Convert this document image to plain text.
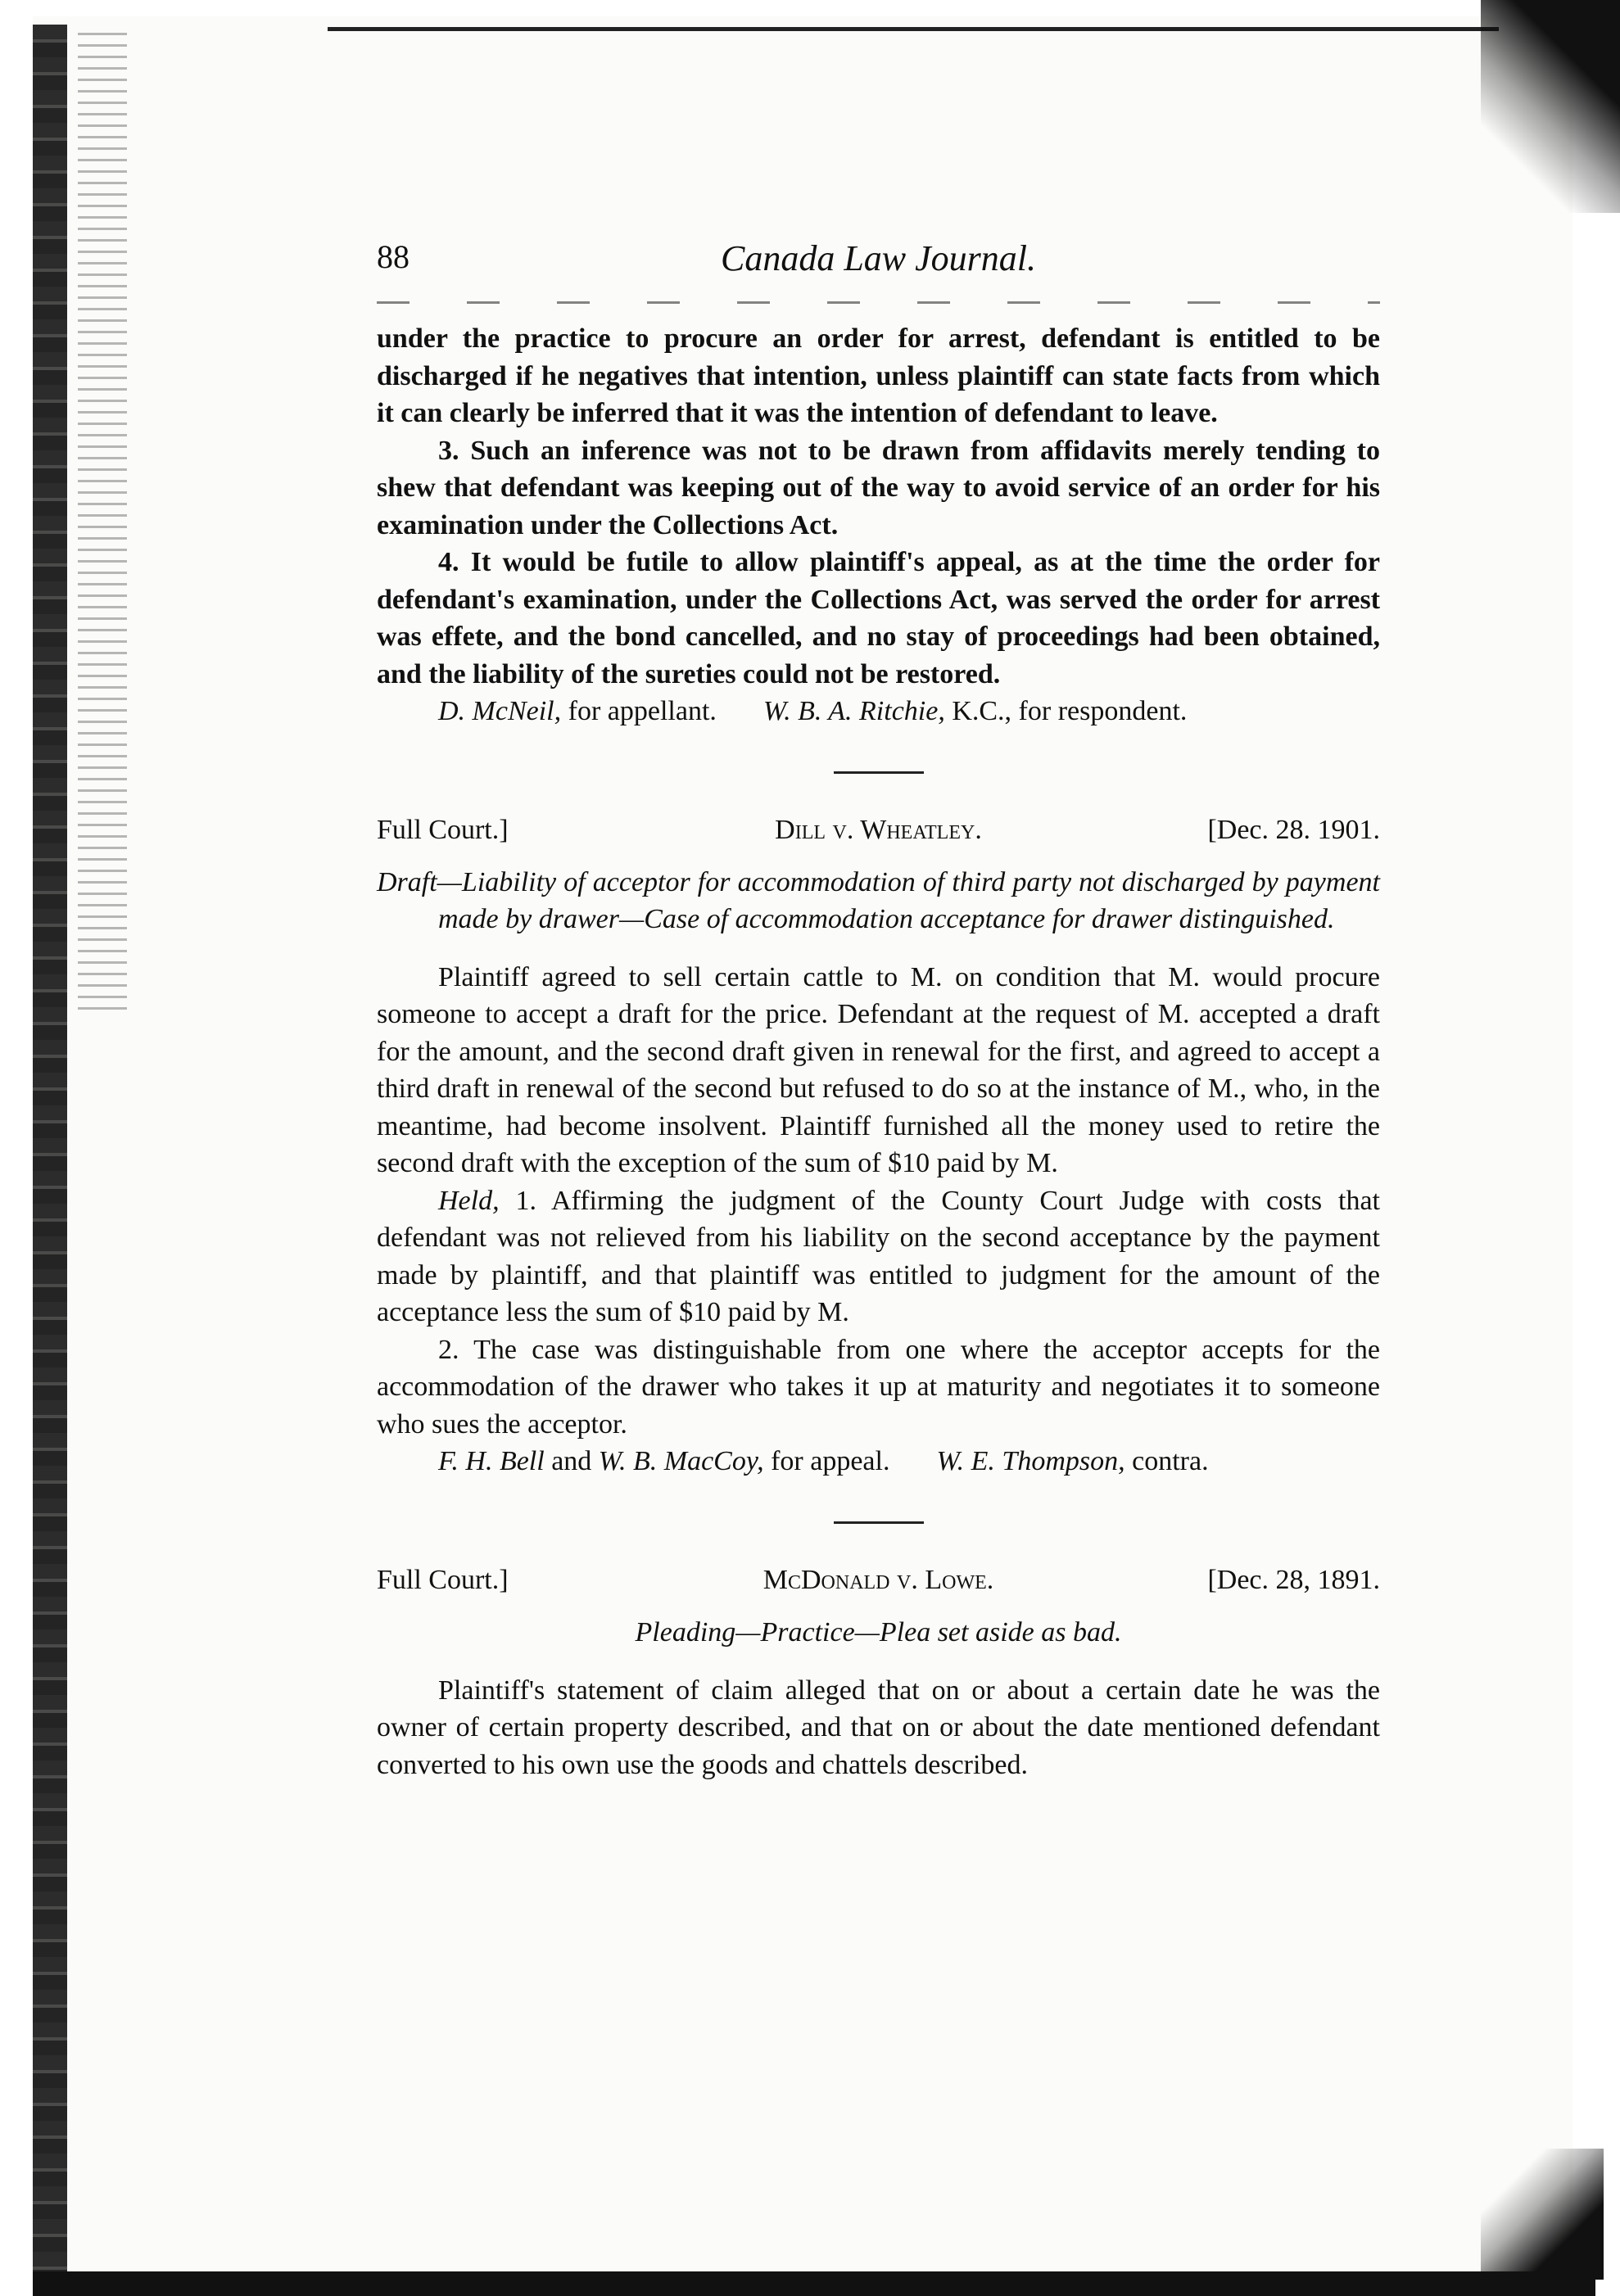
88	Canada Law Journal.

under the practice to procure an order for arrest, defendant is entitled to be discharged if he negatives that intention, unless plaintiff can state facts from which it can clearly be inferred that it was the intention of defendant to leave.

3. Such an inference was not to be drawn from affidavits merely tending to shew that defendant was keeping out of the way to avoid service of an order for his examination under the Collections Act.

4. It would be futile to allow plaintiff's appeal, as at the time the order for defendant's examination, under the Collections Act, was served the order for arrest was effete, and the bond cancelled, and no stay of proceedings had been obtained, and the liability of the sureties could not be restored.

D. McNeil, for appellant. W. B. A. Ritchie, K.C., for respondent.

Full Court.]	Dill v. Wheatley.	[Dec. 28. 1901.

Draft—Liability of acceptor for accommodation of third party not discharged by payment made by drawer—Case of accommodation acceptance for drawer distinguished.

Plaintiff agreed to sell certain cattle to M. on condition that M. would procure someone to accept a draft for the price. Defendant at the request of M. accepted a draft for the amount, and the second draft given in renewal for the first, and agreed to accept a third draft in renewal of the second but refused to do so at the instance of M., who, in the meantime, had become insolvent. Plaintiff furnished all the money used to retire the second draft with the exception of the sum of $10 paid by M.

Held, 1. Affirming the judgment of the County Court Judge with costs that defendant was not relieved from his liability on the second acceptance by the payment made by plaintiff, and that plaintiff was entitled to judgment for the amount of the acceptance less the sum of $10 paid by M.

2. The case was distinguishable from one where the acceptor accepts for the accommodation of the drawer who takes it up at maturity and negotiates it to someone who sues the acceptor.

F. H. Bell and W. B. MacCoy, for appeal. W. E. Thompson, contra.

Full Court.]	McDonald v. Lowe.	[Dec. 28, 1891.

Pleading—Practice—Plea set aside as bad.

Plaintiff's statement of claim alleged that on or about a certain date he was the owner of certain property described, and that on or about the date mentioned defendant converted to his own use the goods and chattels described.
